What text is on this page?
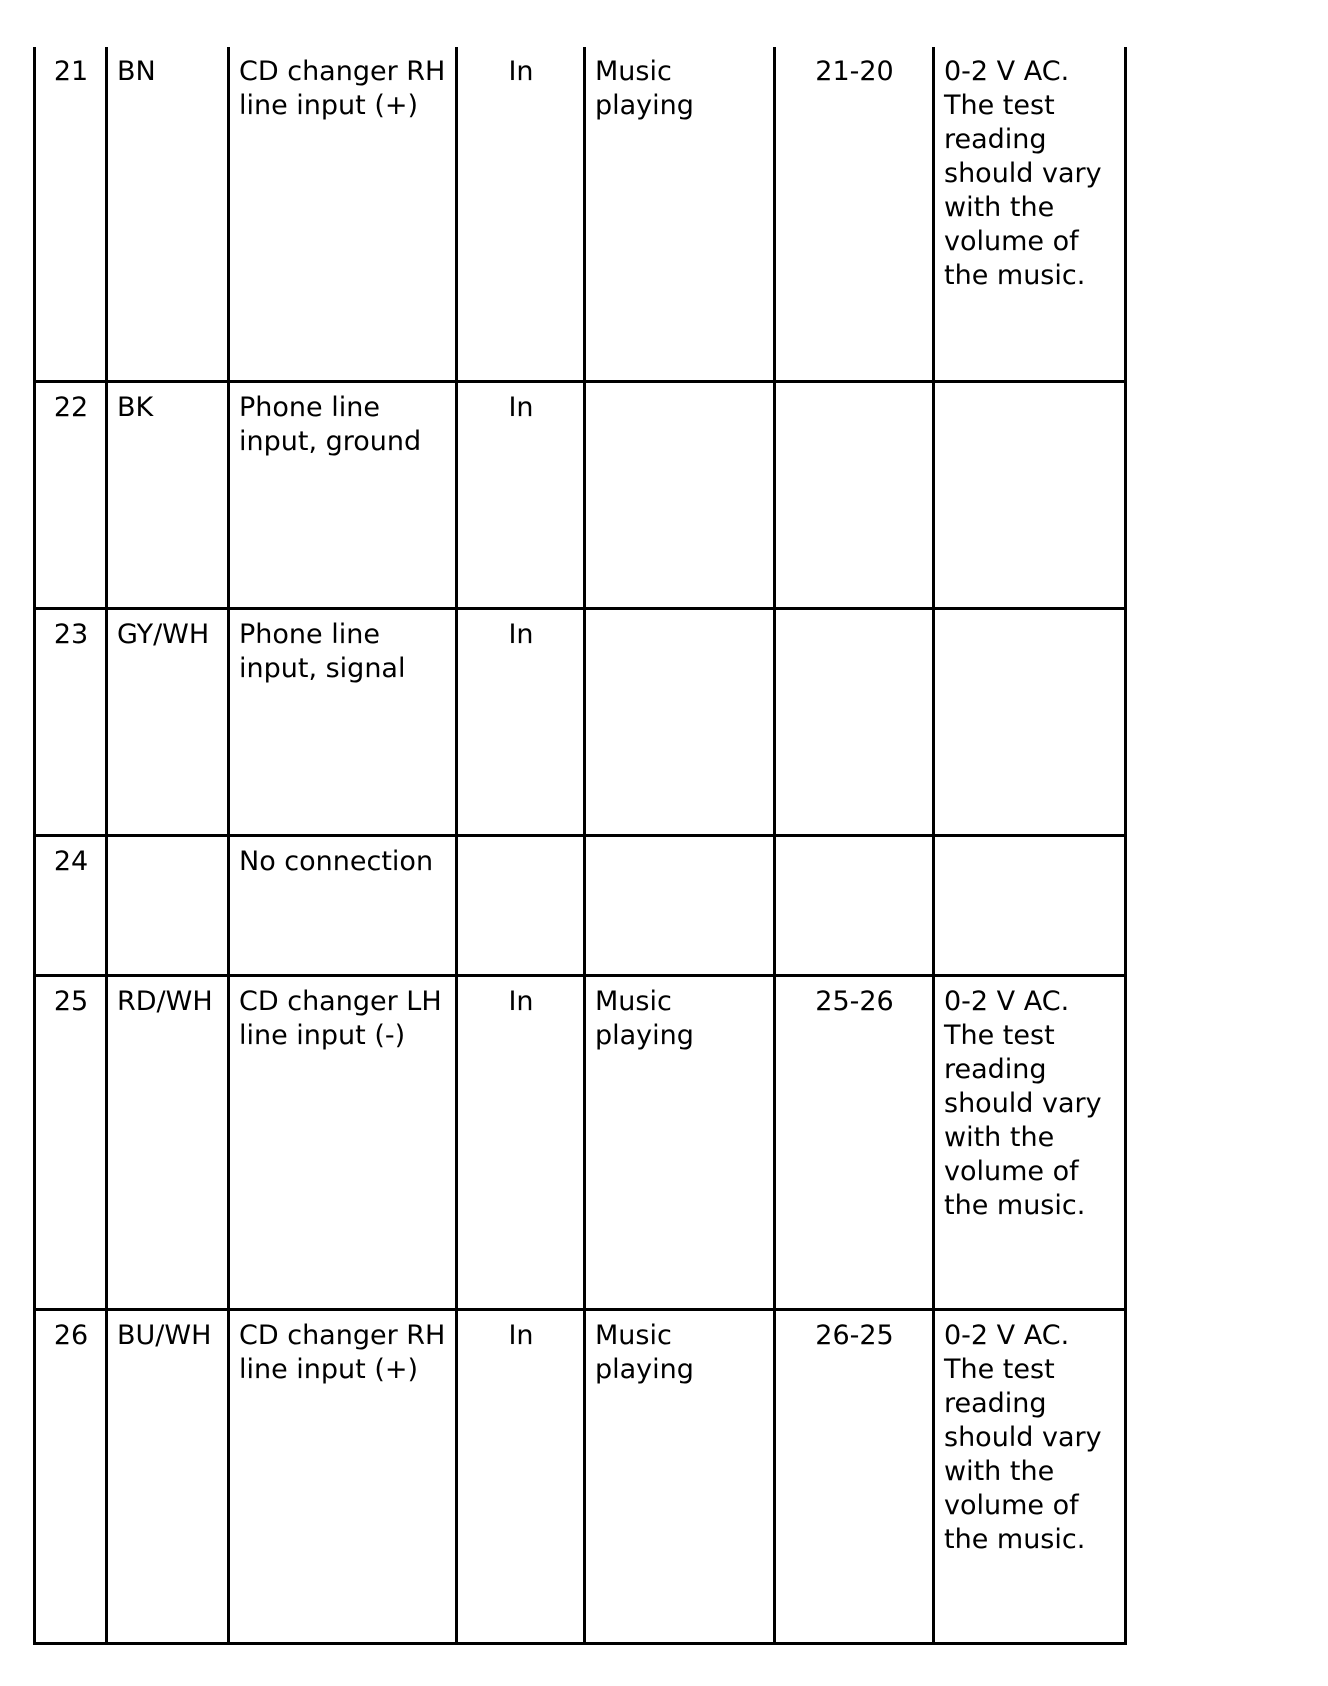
21	BN	CD changer RH line input (+)	In	Music playing	21-20	0-2 V AC. The test reading should vary with the volume of the music.
22	BK	Phone line input, ground	In			
23	GY/WH	Phone line input, signal	In			
24		No connection				
25	RD/WH	CD changer LH line input (-)	In	Music playing	25-26	0-2 V AC. The test reading should vary with the volume of the music.
26	BU/WH	CD changer RH line input (+)	In	Music playing	26-25	0-2 V AC. The test reading should vary with the volume of the music.
